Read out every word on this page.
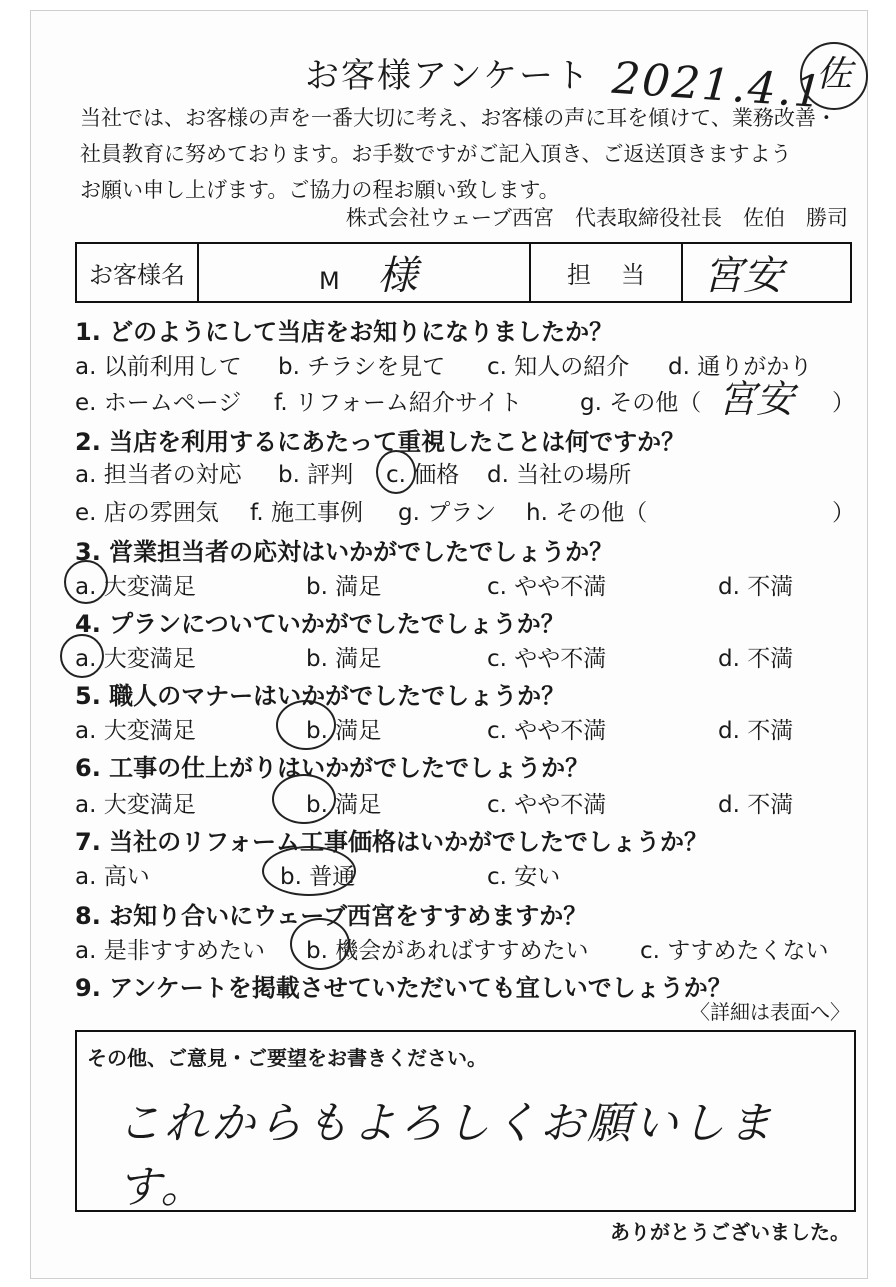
お客様アンケート 2021.4.1
佐
当社では、お客様の声を一番大切に考え、お客様の声に耳を傾けて、業務改善・
社員教育に努めております。お手数ですがご記入頂き、ご返送頂きますよう
お願い申し上げます。ご協力の程お願い致します。
株式会社ウェーブ西宮　代表取締役社長　佐伯　勝司
お客様名	M 様	担当	宮安
1. どのようにして当店をお知りになりましたか？
a. 以前利用して b. チラシを見て c. 知人の紹介 d. 通りがかり
e. ホームページ f. リフォーム紹介サイト	g. その他（ 宮安 ）
2. 当店を利用するにあたって重視したことは何ですか？
a. 担当者の対応 b. 評判 c. 価格 d. 当社の場所
e. 店の雰囲気 f. 施工事例 g. プラン h. その他（	）
3. 営業担当者の応対はいかがでしたでしょうか？
a. 大変満足	b. 満足	c. やや不満	d. 不満
4. プランについていかがでしたでしょうか？
a. 大変満足	b. 満足	c. やや不満	d. 不満
5. 職人のマナーはいかがでしたでしょうか？
a. 大変満足	b. 満足	c. やや不満	d. 不満
6. 工事の仕上がりはいかがでしたでしょうか？
a. 大変満足	b. 満足	c. やや不満	d. 不満
7. 当社のリフォーム工事価格はいかがでしたでしょうか？
a. 高い	b. 普通	c. 安い
8. お知り合いにウェーブ西宮をすすめますか？
a. 是非すすめたい b. 機会があればすすめたい c. すすめたくない
9. アンケートを掲載させていただいても宜しいでしょうか？
〈詳細は表面へ〉
その他、ご意見・ご要望をお書きください。
これからもよろしくお願いします。
ありがとうございました。
